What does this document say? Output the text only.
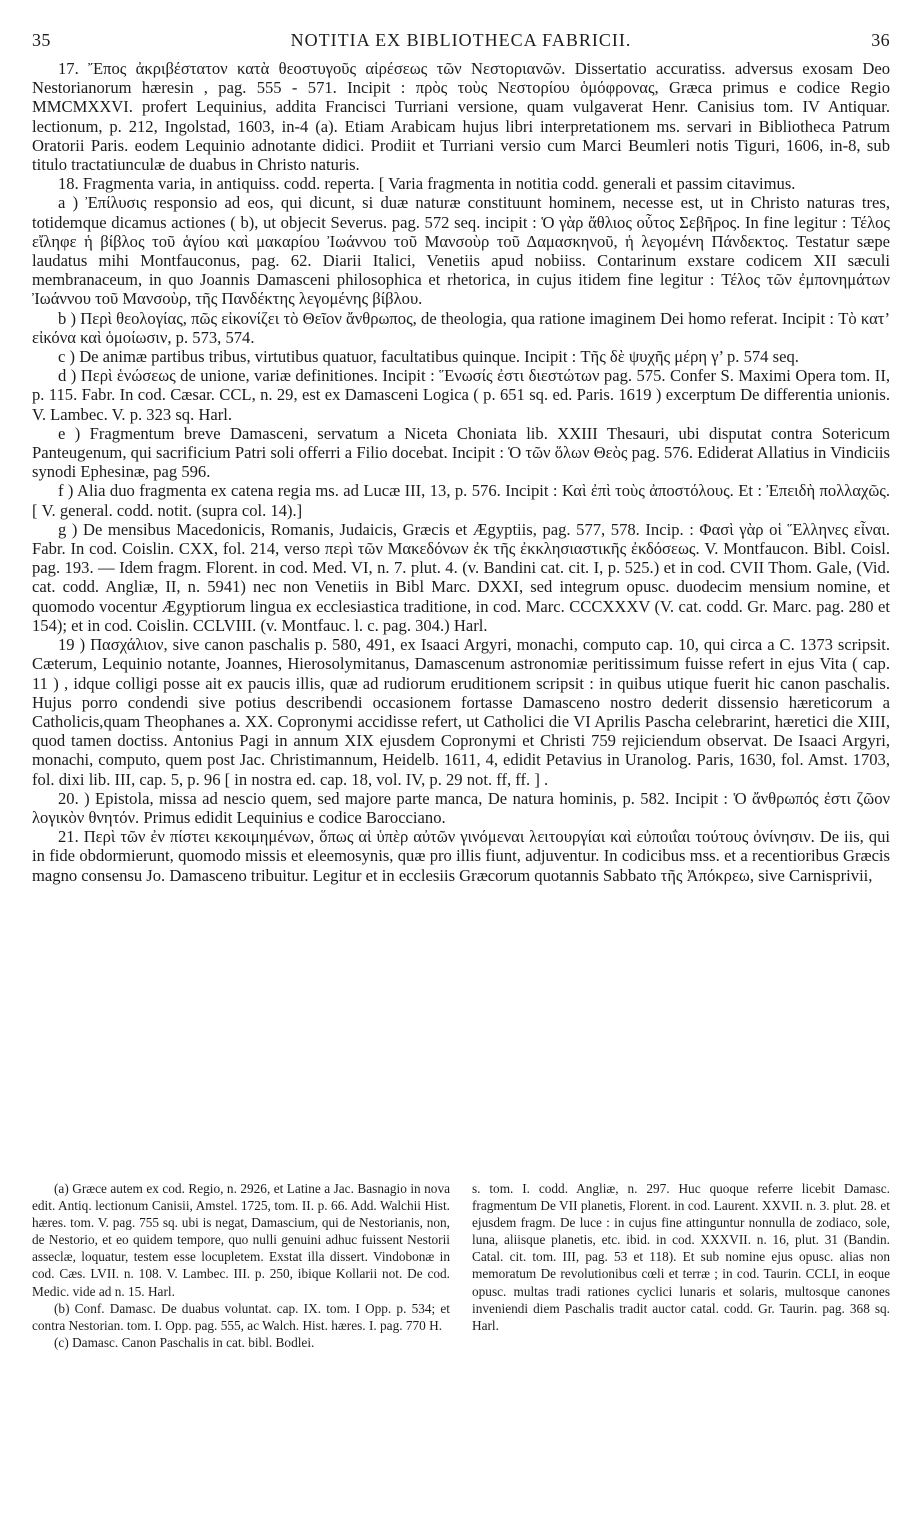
35	NOTITIA EX BIBLIOTHECA FABRICII.	36

17. Ἔπος ἀκριβέστατον κατὰ θεοστυγοῦς αἱρέσεως τῶν Νεστοριανῶν. Dissertatio accuratiss. adversus exosam Deo Nestorianorum hæresin , pag. 555 - 571. Incipit : πρὸς τοὺς Νεστορίου ὁμόφρονας, Græca primus e codice Regio MMCMXXVI. profert Lequinius, addita Francisci Turriani versione, quam vulgaverat Henr. Canisius tom. IV Antiquar. lectionum, p. 212, Ingolstad, 1603, in-4 (a). Etiam Arabicam hujus libri interpretationem ms. servari in Bibliotheca Patrum Oratorii Paris. eodem Lequinio adnotante didici. Prodiit et Turriani versio cum Marci Beumleri notis Tiguri, 1606, in-8, sub titulo tractatiunculæ de duabus in Christo naturis.

18. Fragmenta varia, in antiquiss. codd. reperta. [ Varia fragmenta in notitia codd. generali et passim citavimus.

a ) Ἐπίλυσις responsio ad eos, qui dicunt, si duæ naturæ constituunt hominem, necesse est, ut in Christo naturas tres, totidemque dicamus actiones ( b), ut objecit Severus. pag. 572 seq. incipit : Ὁ γὰρ ἄθλιος οὗτος Σεβῆρος. In fine legitur : Τέλος εἴληφε ἡ βίβλος τοῦ ἁγίου καὶ μακαρίου Ἰωάννου τοῦ Μανσοὺρ τοῦ Δαμασκηνοῦ, ἡ λεγομένη Πάνδεκτος. Testatur sæpe laudatus mihi Montfauconus, pag. 62. Diarii Italici, Venetiis apud nobiiss. Contarinum exstare codicem XII sæculi membranaceum, in quo Joannis Damasceni philosophica et rhetorica, in cujus itidem fine legitur : Τέλος τῶν ἐμπονημάτων Ἰωάννου τοῦ Μανσοὺρ, τῆς Πανδέκτης λεγομένης βίβλου.

b ) Περὶ θεολογίας, πῶς εἰκονίζει τὸ Θεῖον ἄνθρωπος, de theologia, qua ratione imaginem Dei homo referat. Incipit : Τὸ κατ’ εἰκόνα καὶ ὁμοίωσιν, p. 573, 574.

c ) De animæ partibus tribus, virtutibus quatuor, facultatibus quinque. Incipit : Τῆς δὲ ψυχῆς μέρη γ’ p. 574 seq.

d ) Περὶ ἑνώσεως de unione, variæ definitiones. Incipit : Ἕνωσίς ἐστι διεστώτων pag. 575. Confer S. Maximi Opera tom. II, p. 115. Fabr. In cod. Cæsar. CCL, n. 29, est ex Damasceni Logica ( p. 651 sq. ed. Paris. 1619 ) excerptum De differentia unionis. V. Lambec. V. p. 323 sq. Harl.

e ) Fragmentum breve Damasceni, servatum a Niceta Choniata lib. XXIII Thesauri, ubi disputat contra Sotericum Panteugenum, qui sacrificium Patri soli offerri a Filio docebat. Incipit : Ὁ τῶν ὅλων Θεὸς pag. 576. Ediderat Allatius in Vindiciis synodi Ephesinæ, pag 596.

f ) Alia duo fragmenta ex catena regia ms. ad Lucæ III, 13, p. 576. Incipit : Καὶ ἐπὶ τοὺς ἀποστόλους. Et : Ἐπειδὴ πολλαχῶς. [ V. general. codd. notit. (supra col. 14).]

g ) De mensibus Macedonicis, Romanis, Judaicis, Græcis et Ægyptiis, pag. 577, 578. Incip. : Φασὶ γὰρ οἱ Ἕλληνες εἶναι. Fabr. In cod. Coislin. CXX, fol. 214, verso περὶ τῶν Μακεδόνων ἐκ τῆς ἐκκλησιαστικῆς ἐκδόσεως. V. Montfaucon. Bibl. Coisl. pag. 193. — Idem fragm. Florent. in cod. Med. VI, n. 7. plut. 4. (v. Bandini cat. cit. I, p. 525.) et in cod. CVII Thom. Gale, (Vid. cat. codd. Angliæ, II, n. 5941) nec non Venetiis in Bibl Marc. DXXI, sed integrum opusc. duodecim mensium nomine, et quomodo vocentur Ægyptiorum lingua ex ecclesiastica traditione, in cod. Marc. CCCXXXV (V. cat. codd. Gr. Marc. pag. 280 et 154); et in cod. Coislin. CCLVIII. (v. Montfauc. l. c. pag. 304.) Harl.

19 ) Πασχάλιον, sive canon paschalis p. 580, 491, ex Isaaci Argyri, monachi, computo cap. 10, qui circa a C. 1373 scripsit. Cæterum, Lequinio notante, Joannes, Hierosolymitanus, Damascenum astronomiæ peritissimum fuisse refert in ejus Vita ( cap. 11 ) , idque colligi posse ait ex paucis illis, quæ ad rudiorum eruditionem scripsit : in quibus utique fuerit hic canon paschalis. Hujus porro condendi sive potius describendi occasionem fortasse Damasceno nostro dederit dissensio hæreticorum a Catholicis,quam Theophanes a. XX. Copronymi accidisse refert, ut Catholici die VI Aprilis Pascha celebrarint, hæretici die XIII, quod tamen doctiss. Antonius Pagi in annum XIX ejusdem Copronymi et Christi 759 rejiciendum observat. De Isaaci Argyri, monachi, computo, quem post Jac. Christimannum, Heidelb. 1611, 4, edidit Petavius in Uranolog. Paris, 1630, fol. Amst. 1703, fol. dixi lib. III, cap. 5, p. 96 [ in nostra ed. cap. 18, vol. IV, p. 29 not. ff, ff. ] .

20. ) Epistola, missa ad nescio quem, sed majore parte manca, De natura hominis, p. 582. Incipit : Ὁ ἄνθρωπός ἐστι ζῶον λογικὸν θνητόν. Primus edidit Lequinius e codice Barocciano.

21. Περὶ τῶν ἐν πίστει κεκοιμημένων, ὅπως αἱ ὑπὲρ αὐτῶν γινόμεναι λειτουργίαι καὶ εὐποιΐαι τούτους ὀνίνησιν. De iis, qui in fide obdormierunt, quomodo missis et eleemosynis, quæ pro illis fiunt, adjuventur. In codicibus mss. et a recentioribus Græcis magno consensu Jo. Damasceno tribuitur. Legitur et in ecclesiis Græcorum quotannis Sabbato τῆς Ἀπόκρεω, sive Carnisprivii,

(a) Græce autem ex cod. Regio, n. 2926, et Latine a Jac. Basnagio in nova edit. Antiq. lectionum Canisii, Amstel. 1725, tom. II. p. 66. Add. Walchii Hist. hæres. tom. V. pag. 755 sq. ubi is negat, Damascium, qui de Nestorianis, non, de Nestorio, et eo quidem tempore, quo nulli genuini adhuc fuissent Nestorii asseclæ, loquatur, testem esse locupletem. Exstat illa dissert. Vindobonæ in cod. Cæs. LVII. n. 108. V. Lambec. III. p. 250, ibique Kollarii not. De cod. Medic. vide ad n. 15. Harl.

(b) Conf. Damasc. De duabus voluntat. cap. IX. tom. I Opp. p. 534; et contra Nestorian. tom. I. Opp. pag. 555, ac Walch. Hist. hæres. I. pag. 770 H.

(c) Damasc. Canon Paschalis in cat. bibl. Bodlei.

s. tom. I. codd. Angliæ, n. 297. Huc quoque referre licebit Damasc. fragmentum De VII planetis, Florent. in cod. Laurent. XXVII. n. 3. plut. 28. et ejusdem fragm. De luce : in cujus fine attinguntur nonnulla de zodiaco, sole, luna, aliisque planetis, etc. ibid. in cod. XXXVII. n. 16, plut. 31 (Bandin. Catal. cit. tom. III, pag. 53 et 118). Et sub nomine ejus opusc. alias non memoratum De revolutionibus cœli et terræ ; in cod. Taurin. CCLI, in eoque opusc. multas tradi rationes cyclici lunaris et solaris, multosque canones inveniendi diem Paschalis tradit auctor catal. codd. Gr. Taurin. pag. 368 sq. Harl.
